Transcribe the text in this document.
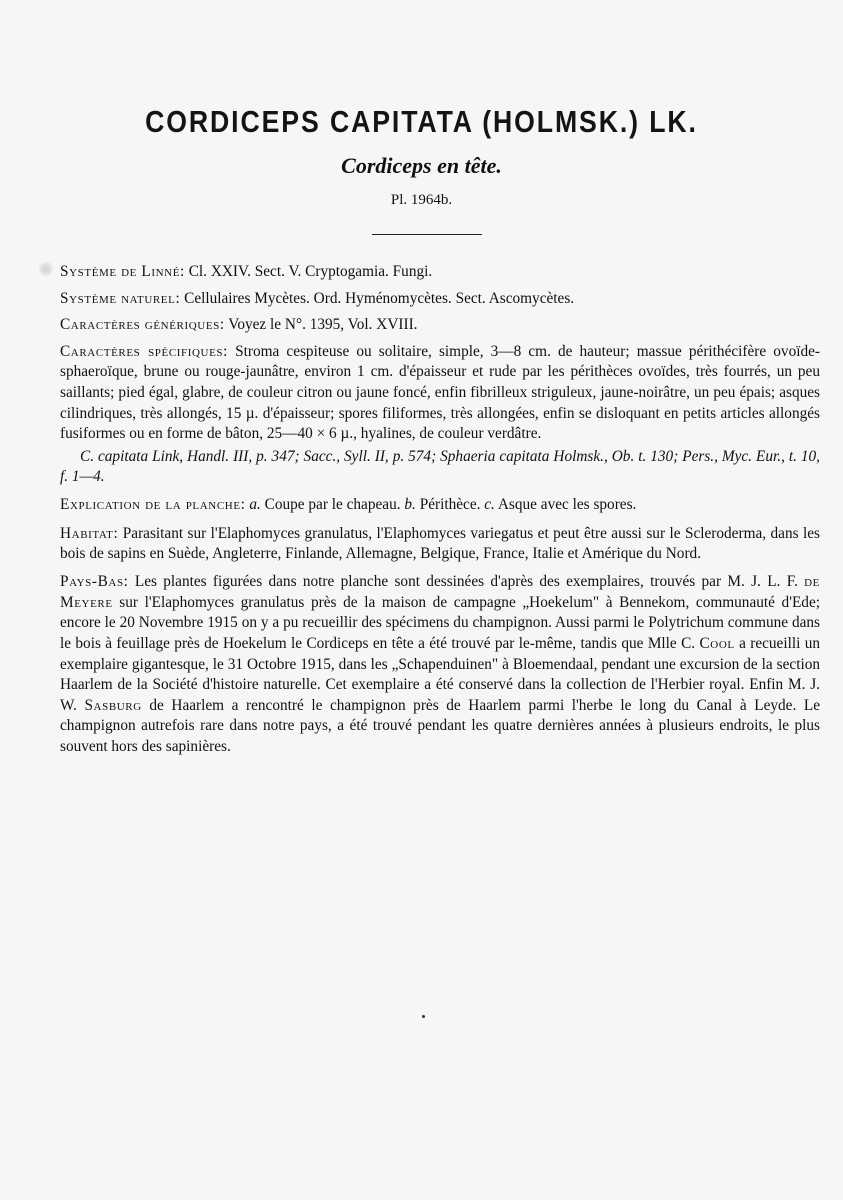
CORDICEPS CAPITATA (HOLMSK.) LK.
Cordiceps en tête.
Pl. 1964b.

Système de Linné: Cl. XXIV. Sect. V. Cryptogamia. Fungi.

Système naturel: Cellulaires Mycètes. Ord. Hyménomycètes. Sect. Ascomycètes.

Caractères génériques: Voyez le N°. 1395, Vol. XVIII.

Caractères spécifiques: Stroma cespiteuse ou solitaire, simple, 3—8 cm. de hauteur; massue périthécifère ovoïde-sphaeroïque, brune ou rouge-jaunâtre, environ 1 cm. d'épaisseur et rude par les périthèces ovoïdes, très fourrés, un peu saillants; pied égal, glabre, de couleur citron ou jaune foncé, enfin fibrilleux striguleux, jaune-noirâtre, un peu épais; asques cilindriques, très allongés, 15 µ. d'épaisseur; spores filiformes, très allongées, enfin se disloquant en petits articles allongés fusiformes ou en forme de bâton, 25—40 × 6 µ., hyalines, de couleur verdâtre.

C. capitata Link, Handl. III, p. 347; Sacc., Syll. II, p. 574; Sphaeria capitata Holmsk., Ob. t. 130; Pers., Myc. Eur., t. 10, f. 1—4.

Explication de la planche: a. Coupe par le chapeau. b. Périthèce. c. Asque avec les spores.

Habitat: Parasitant sur l'Elaphomyces granulatus, l'Elaphomyces variegatus et peut être aussi sur le Scleroderma, dans les bois de sapins en Suède, Angleterre, Finlande, Allemagne, Belgique, France, Italie et Amérique du Nord.

Pays-Bas: Les plantes figurées dans notre planche sont dessinées d'après des exemplaires, trouvés par M. J. L. F. de Meyere sur l'Elaphomyces granulatus près de la maison de campagne „Hoekelum" à Bennekom, communauté d'Ede; encore le 20 Novembre 1915 on y a pu recueillir des spécimens du champignon. Aussi parmi le Polytrichum commune dans le bois à feuillage près de Hoekelum le Cordiceps en tête a été trouvé par le-même, tandis que Mlle C. Cool a recueilli un exemplaire gigantesque, le 31 Octobre 1915, dans les „Schapenduinen" à Bloemendaal, pendant une excursion de la section Haarlem de la Société d'histoire naturelle. Cet exemplaire a été conservé dans la collection de l'Herbier royal. Enfin M. J. W. Sasburg de Haarlem a rencontré le champignon près de Haarlem parmi l'herbe le long du Canal à Leyde. Le champignon autrefois rare dans notre pays, a été trouvé pendant les quatre dernières années à plusieurs endroits, le plus souvent hors des sapinières.
